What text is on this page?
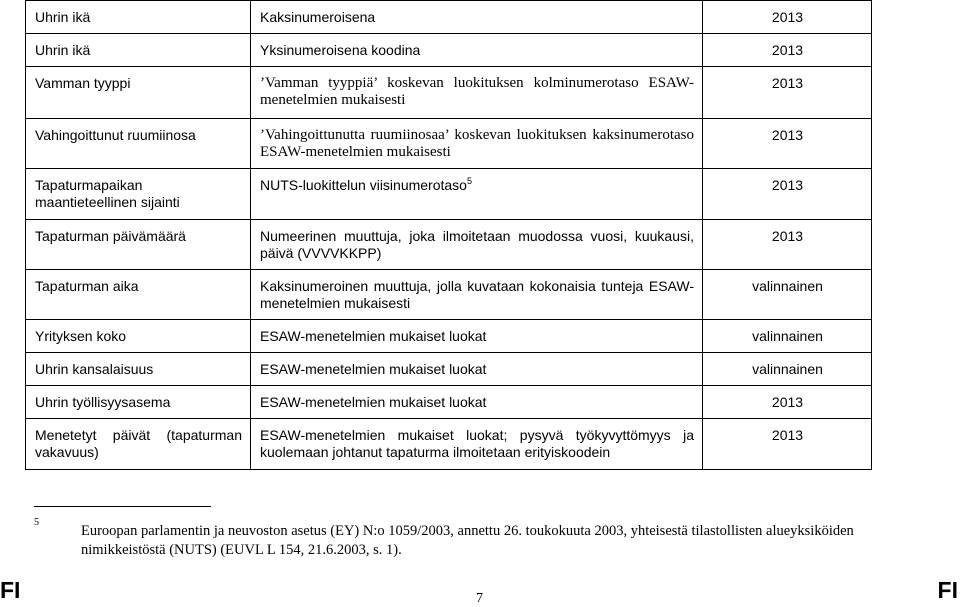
Uhrin ikä	Kaksinumeroisena	2013
Uhrin ikä	Yksinumeroisena koodina	2013
Vamman tyyppi	’Vamman tyyppiä’ koskevan luokituksen kolminumerotaso ESAW-menetelmien mukaisesti	2013
Vahingoittunut ruumiinosa	’Vahingoittunutta ruumiinosaa’ koskevan luokituksen kaksinumerotaso ESAW-menetelmien mukaisesti	2013
Tapaturmapaikan maantieteellinen sijainti	NUTS-luokittelun viisinumerotaso$^5$	2013
Tapaturman päivämäärä	Numeerinen muuttuja, joka ilmoitetaan muodossa vuosi, kuukausi, päivä (VVVVKKPP)	2013
Tapaturman aika	Kaksinumeroinen muuttuja, jolla kuvataan kokonaisia tunteja ESAW-menetelmien mukaisesti	valinnainen
Yrityksen koko	ESAW-menetelmien mukaiset luokat	valinnainen
Uhrin kansalaisuus	ESAW-menetelmien mukaiset luokat	valinnainen
Uhrin työllisyysasema	ESAW-menetelmien mukaiset luokat	2013
Menetetyt päivät (tapaturman vakavuus)	ESAW-menetelmien mukaiset luokat; pysyvä työkyvyttömyys ja kuolemaan johtanut tapaturma ilmoitetaan erityiskoodein	2013
5
Euroopan parlamentin ja neuvoston asetus (EY) N:o 1059/2003, annettu 26. toukokuuta 2003, yhteisestä tilastollisten alueyksiköiden nimikkeistöstä (NUTS) (EUVL L 154, 21.6.2003, s. 1).
FI	7	FI
